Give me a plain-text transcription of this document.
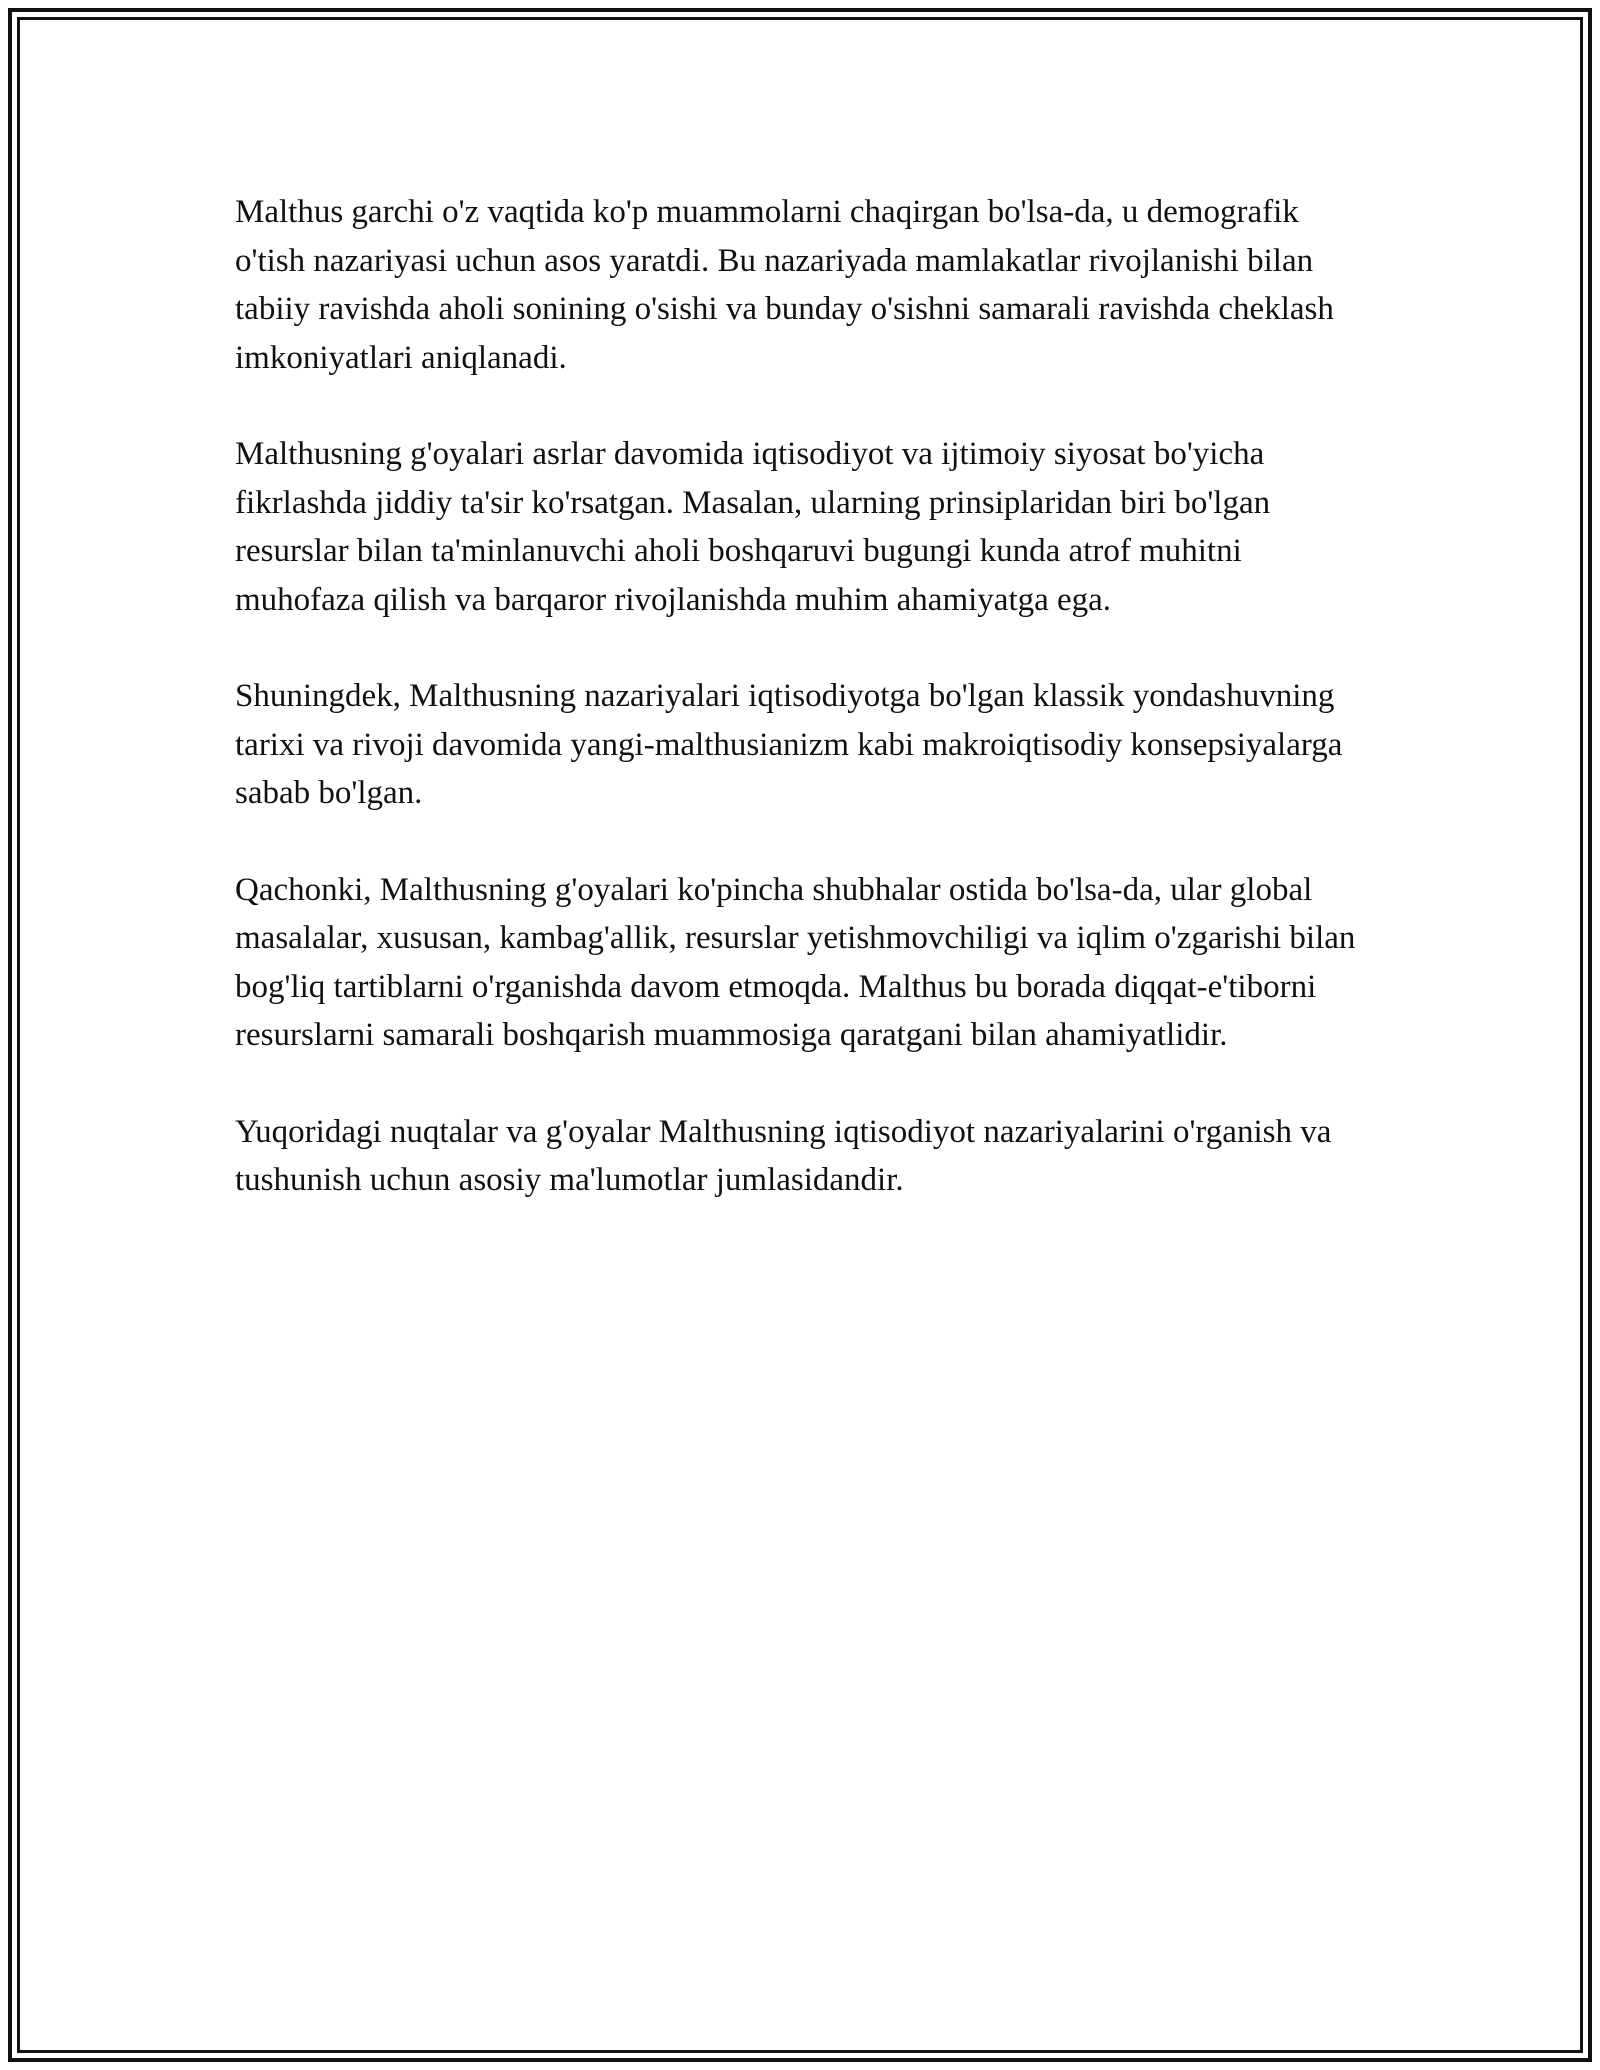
Malthus garchi o'z vaqtida ko'p muammolarni chaqirgan bo'lsa-da, u demografik o'tish nazariyasi uchun asos yaratdi. Bu nazariyada mamlakatlar rivojlanishi bilan tabiiy ravishda aholi sonining o'sishi va bunday o'sishni samarali ravishda cheklash imkoniyatlari aniqlanadi.

Malthusning g'oyalari asrlar davomida iqtisodiyot va ijtimoiy siyosat bo'yicha fikrlashda jiddiy ta'sir ko'rsatgan. Masalan, ularning prinsiplaridan biri bo'lgan resurslar bilan ta'minlanuvchi aholi boshqaruvi bugungi kunda atrof muhitni muhofaza qilish va barqaror rivojlanishda muhim ahamiyatga ega.

Shuningdek, Malthusning nazariyalari iqtisodiyotga bo'lgan klassik yondashuvning tarixi va rivoji davomida yangi-malthusianizm kabi makroiqtisodiy konsepsiyalarga sabab bo'lgan.

Qachonki, Malthusning g'oyalari ko'pincha shubhalar ostida bo'lsa-da, ular global masalalar, xususan, kambag'allik, resurslar yetishmovchiligi va iqlim o'zgarishi bilan bog'liq tartiblarni o'rganishda davom etmoqda. Malthus bu borada diqqat-e'tiborni resurslarni samarali boshqarish muammosiga qaratgani bilan ahamiyatlidir.

Yuqoridagi nuqtalar va g'oyalar Malthusning iqtisodiyot nazariyalarini o'rganish va tushunish uchun asosiy ma'lumotlar jumlasidandir.
